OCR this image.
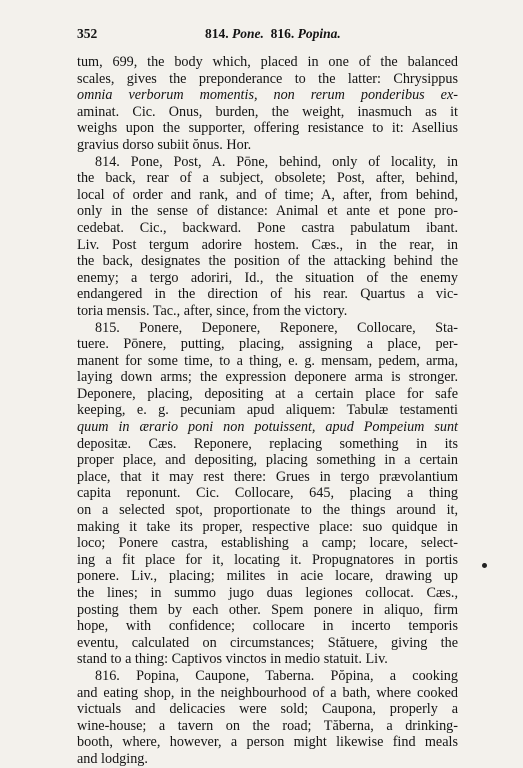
352	814. Pone. 816. Popina.
tum, 699, the body which, placed in one of the balanced
scales, gives the preponderance to the latter: Chrysippus
omnia verborum momentis, non rerum ponderibus ex-
aminat. Cic. Onus, burden, the weight, inasmuch as it
weighs upon the supporter, offering resistance to it: Asellius
gravius dorso subiit ŏnus. Hor.
814. Pone, Post, A. Pōne, behind, only of locality, in
the back, rear of a subject, obsolete; Post, after, behind,
local of order and rank, and of time; A, after, from behind,
only in the sense of distance: Animal et ante et pone pro-
cedebat. Cic., backward. Pone castra pabulatum ibant.
Liv. Post tergum adorire hostem. Cæs., in the rear, in
the back, designates the position of the attacking behind the
enemy; a tergo adoriri, Id., the situation of the enemy
endangered in the direction of his rear. Quartus a vic-
toria mensis. Tac., after, since, from the victory.
815. Ponere, Deponere, Reponere, Collocare, Sta-
tuere. Pōnere, putting, placing, assigning a place, per-
manent for some time, to a thing, e. g. mensam, pedem, arma,
laying down arms; the expression deponere arma is stronger.
Deponere, placing, depositing at a certain place for safe
keeping, e. g. pecuniam apud aliquem: Tabulæ testamenti
quum in ærario poni non potuissent, apud Pompeium sunt
depositæ. Cæs. Reponere, replacing something in its
proper place, and depositing, placing something in a certain
place, that it may rest there: Grues in tergo prævolantium
capita reponunt. Cic. Collocare, 645, placing a thing
on a selected spot, proportionate to the things around it,
making it take its proper, respective place: suo quidque in
loco; Ponere castra, establishing a camp; locare, select-
ing a fit place for it, locating it. Propugnatores in portis
ponere. Liv., placing; milites in acie locare, drawing up
the lines; in summo jugo duas legiones collocat. Cæs.,
posting them by each other. Spem ponere in aliquo, firm
hope, with confidence; collocare in incerto temporis
eventu, calculated on circumstances; Stătuere, giving the
stand to a thing: Captivos vinctos in medio statuit. Liv.
816. Popina, Caupone, Taberna. Pŏpina, a cooking
and eating shop, in the neighbourhood of a bath, where cooked
victuals and delicacies were sold; Caupona, properly a
wine-house; a tavern on the road; Tăberna, a drinking-
booth, where, however, a person might likewise find meals
and lodging.
